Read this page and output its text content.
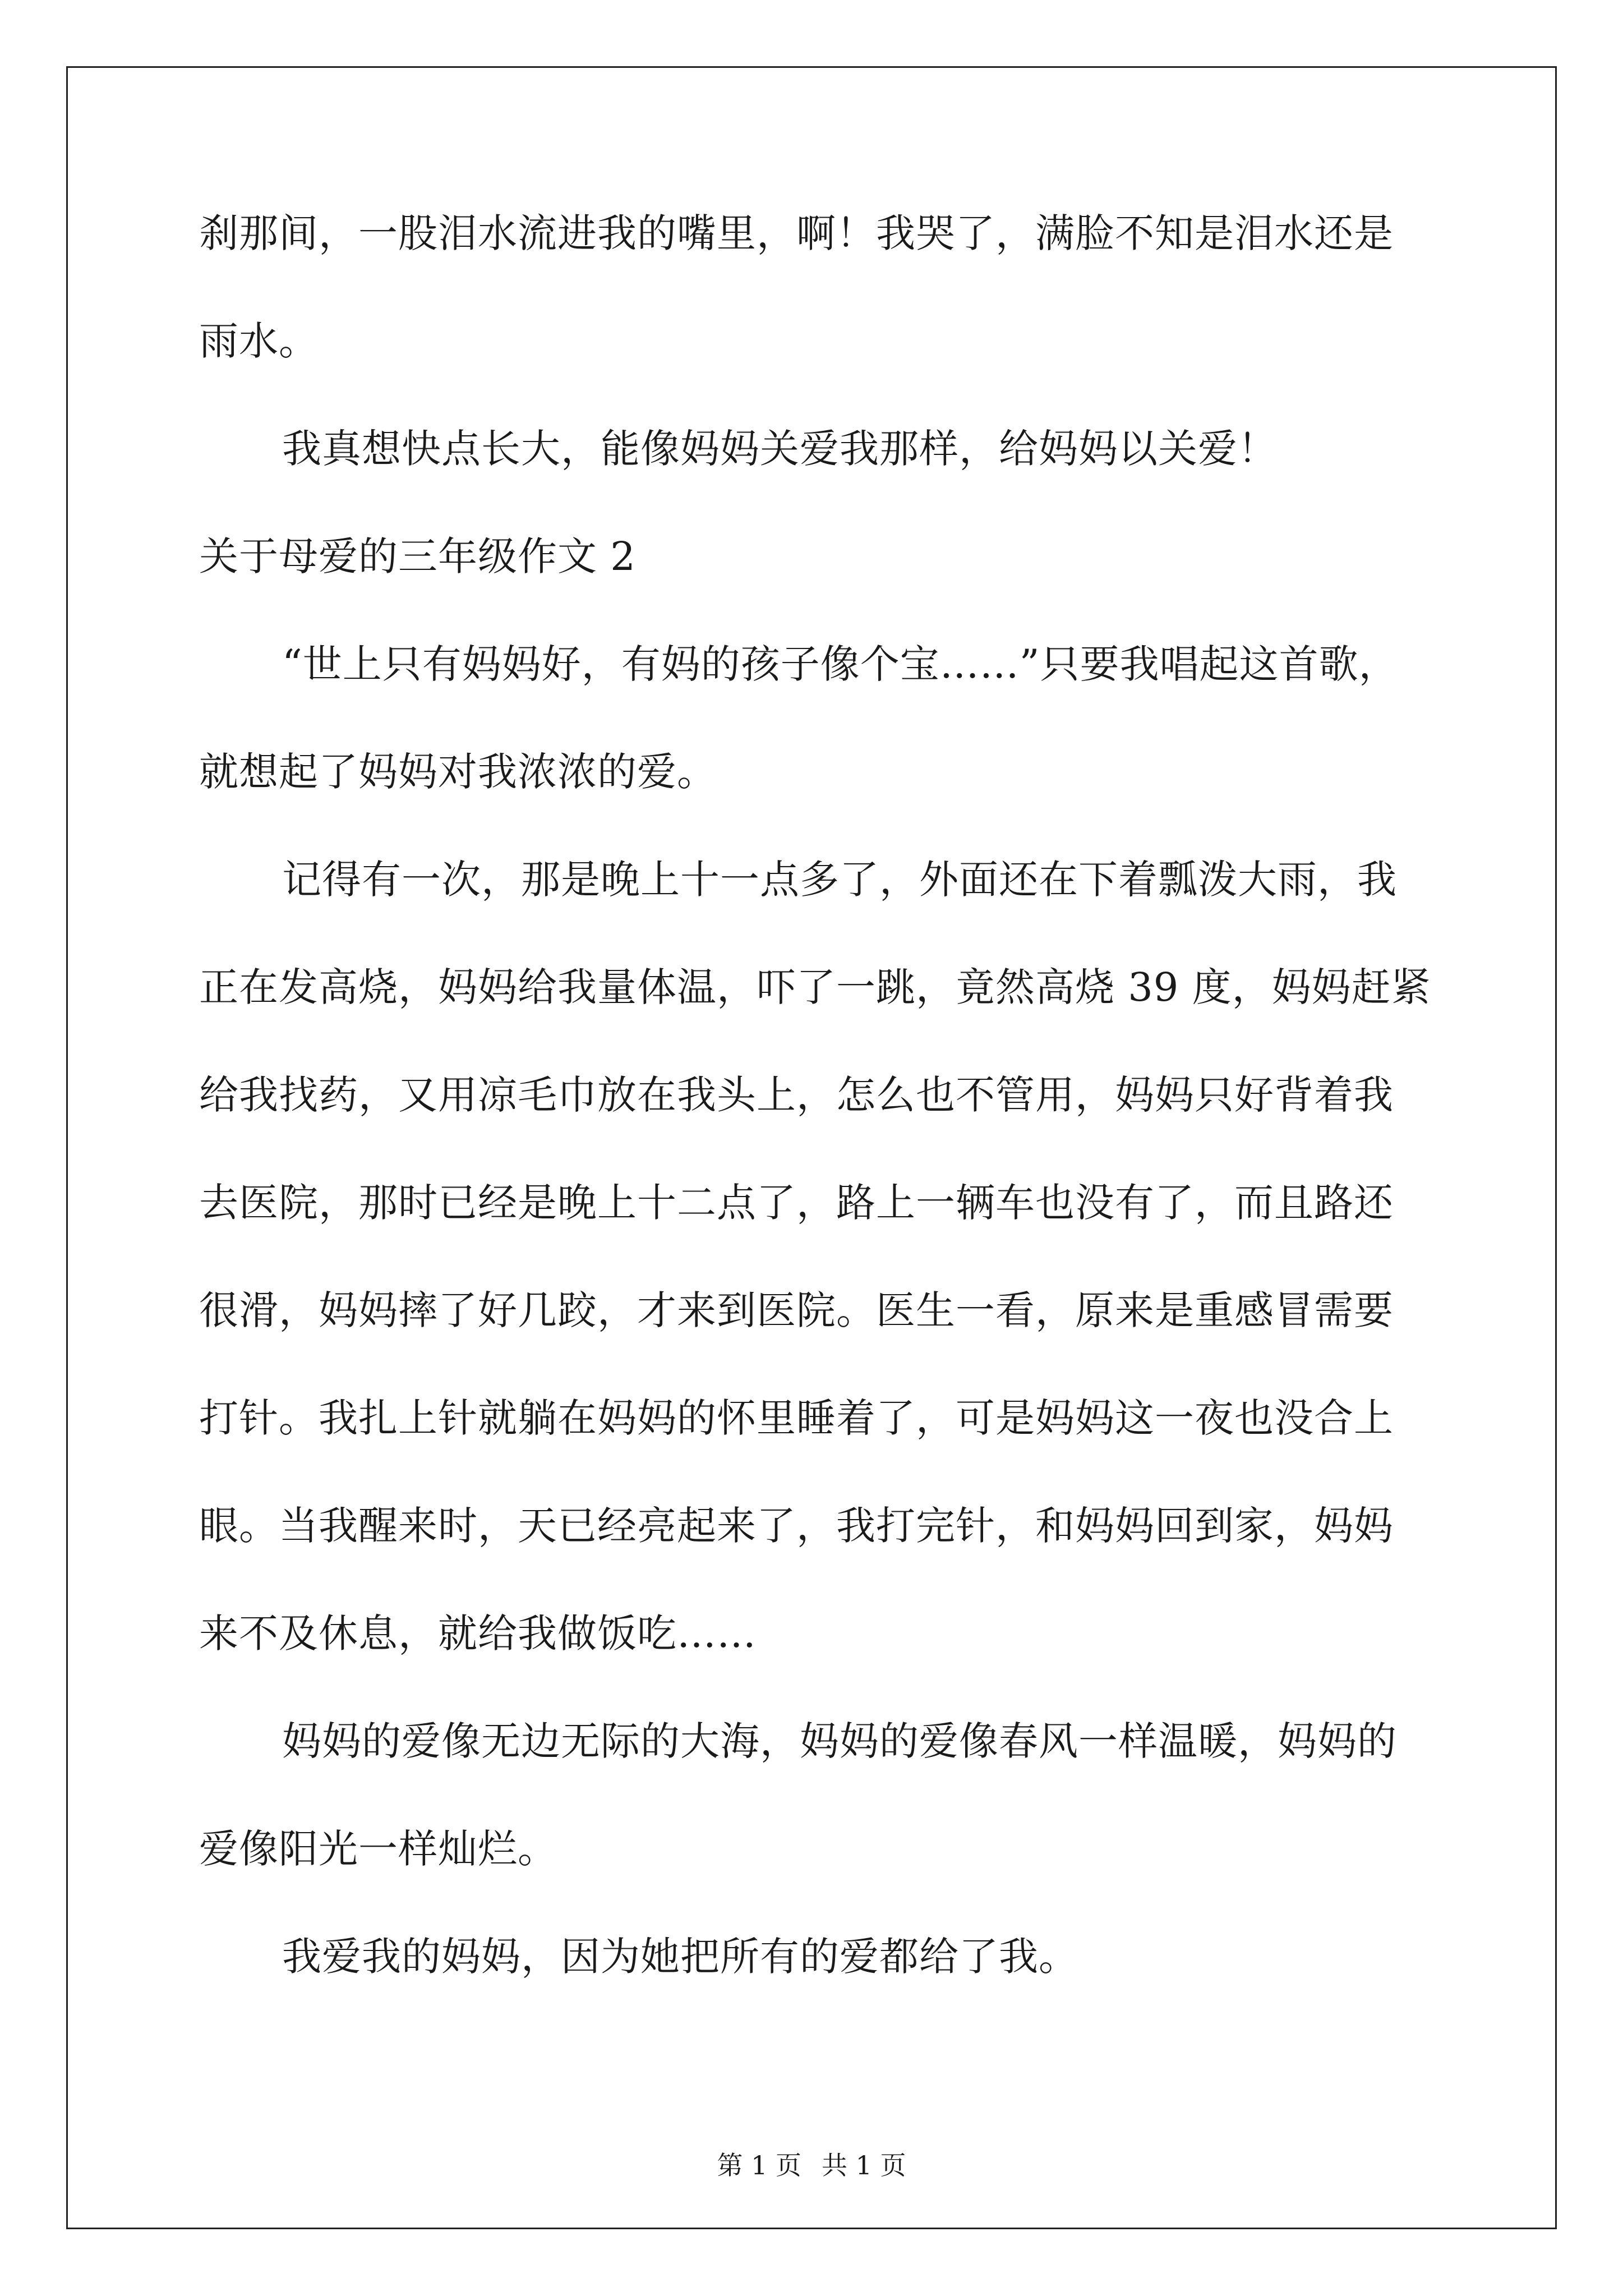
刹那间，一股泪水流进我的嘴里，啊！我哭了，满脸不知是泪水还是
雨水。
我真想快点长大，能像妈妈关爱我那样，给妈妈以关爱！
关于母爱的三年级作文 2
“世上只有妈妈好，有妈的孩子像个宝……”只要我唱起这首歌，
就想起了妈妈对我浓浓的爱。
记得有一次，那是晚上十一点多了，外面还在下着瓢泼大雨，我
正在发高烧，妈妈给我量体温，吓了一跳，竟然高烧 39 度，妈妈赶紧
给我找药，又用凉毛巾放在我头上，怎么也不管用，妈妈只好背着我
去医院，那时已经是晚上十二点了，路上一辆车也没有了，而且路还
很滑，妈妈摔了好几跤，才来到医院。医生一看，原来是重感冒需要
打针。我扎上针就躺在妈妈的怀里睡着了，可是妈妈这一夜也没合上
眼。当我醒来时，天已经亮起来了，我打完针，和妈妈回到家，妈妈
来不及休息，就给我做饭吃……
妈妈的爱像无边无际的大海，妈妈的爱像春风一样温暖，妈妈的
爱像阳光一样灿烂。
我爱我的妈妈，因为她把所有的爱都给了我。
第 1 页 共 1 页
